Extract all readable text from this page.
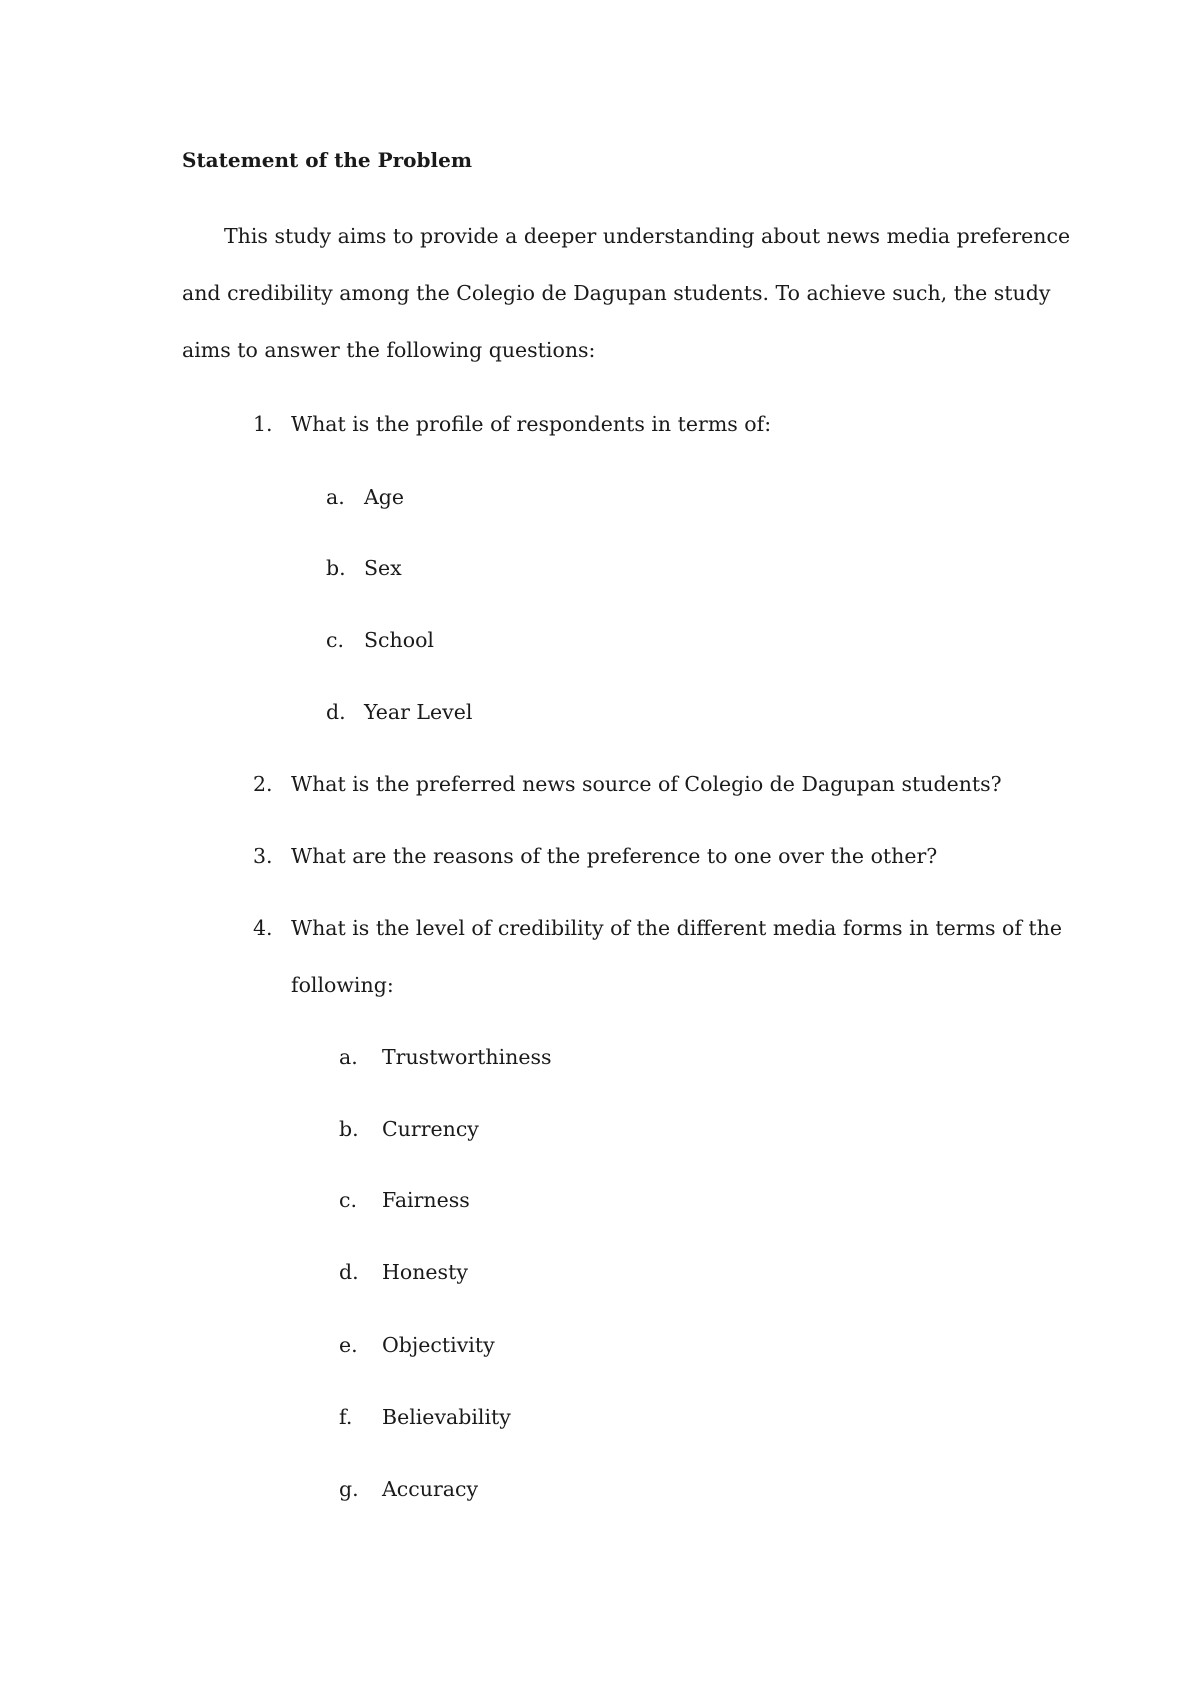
Statement of the Problem
This study aims to provide a deeper understanding about news media preference
and credibility among the Colegio de Dagupan students. To achieve such, the study
aims to answer the following questions:
1. What is the profile of respondents in terms of:
a. Age
b. Sex
c. School
d. Year Level
2. What is the preferred news source of Colegio de Dagupan students?
3. What are the reasons of the preference to one over the other?
4. What is the level of credibility of the different media forms in terms of the
following:
a. Trustworthiness
b. Currency
c. Fairness
d. Honesty
e. Objectivity
f. Believability
g. Accuracy
